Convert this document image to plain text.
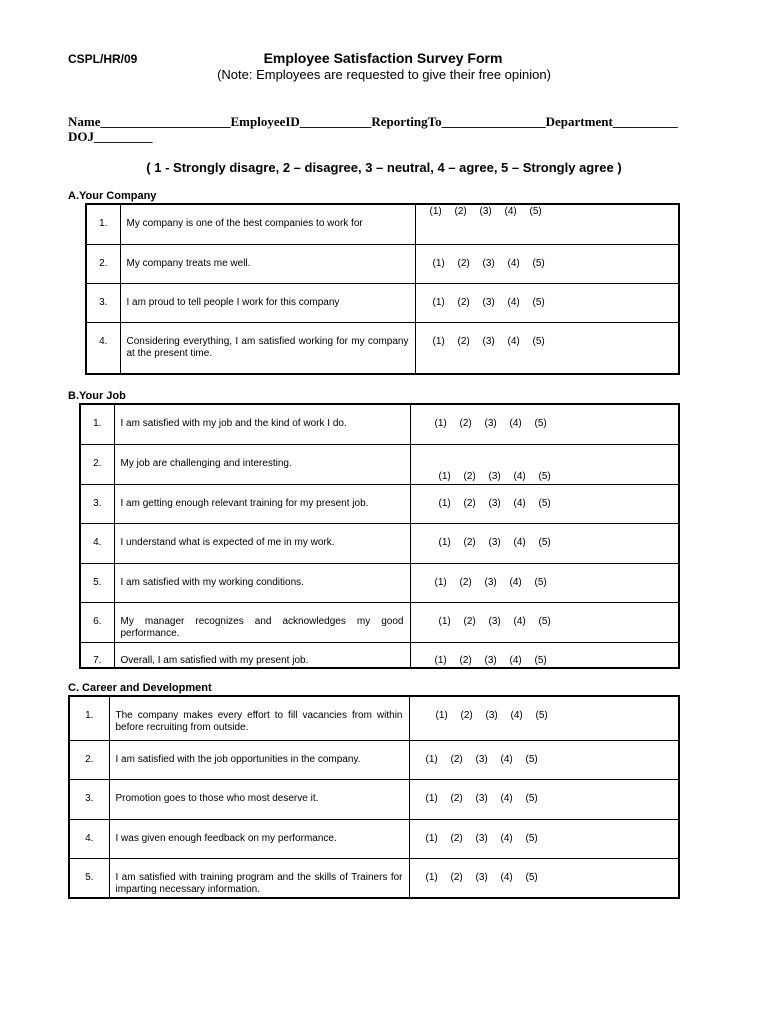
CSPL/HR/09	Employee Satisfaction Survey Form
(Note: Employees are requested to give their free opinion)
Name____________________EmployeeID___________ReportingTo________________Department__________ DOJ_________
( 1 - Strongly disagre, 2 – disagree, 3 – neutral, 4 – agree, 5 – Strongly agree )
A.Your Company
1.	My company is one of the best companies to work for	(1) (2) (3) (4) (5)

2.	My company treats me well.	(1) (2) (3) (4) (5)

3.	I am proud to tell people I work for this company	(1) (2) (3) (4) (5)

4.	Considering everything, I am satisfied working for my company at the present time.	(1) (2) (3) (4) (5)
B.Your Job
1.	I am satisfied with my job and the kind of work I do.	(1) (2) (3) (4) (5)

2.	My job are challenging and interesting.	(1) (2) (3) (4) (5)

3.	I am getting enough relevant training for my present job.	(1) (2) (3) (4) (5)

4.	I understand what is expected of me in my work.	(1) (2) (3) (4) (5)

5.	I am satisfied with my working conditions.	(1) (2) (3) (4) (5)

6.	My manager recognizes and acknowledges my good performance.	(1) (2) (3) (4) (5)

7.	Overall, I am satisfied with my present job.	(1) (2) (3) (4) (5)
C. Career and Development
1.	The company makes every effort to fill vacancies from within before recruiting from outside.	(1) (2) (3) (4) (5)

2.	I am satisfied with the job opportunities in the company.	(1) (2) (3) (4) (5)

3.	Promotion goes to those who most deserve it.	(1) (2) (3) (4) (5)

4.	I was given enough feedback on my performance.	(1) (2) (3) (4) (5)

5.	I am satisfied with training program and the skills of Trainers for imparting necessary information.	(1) (2) (3) (4) (5)
